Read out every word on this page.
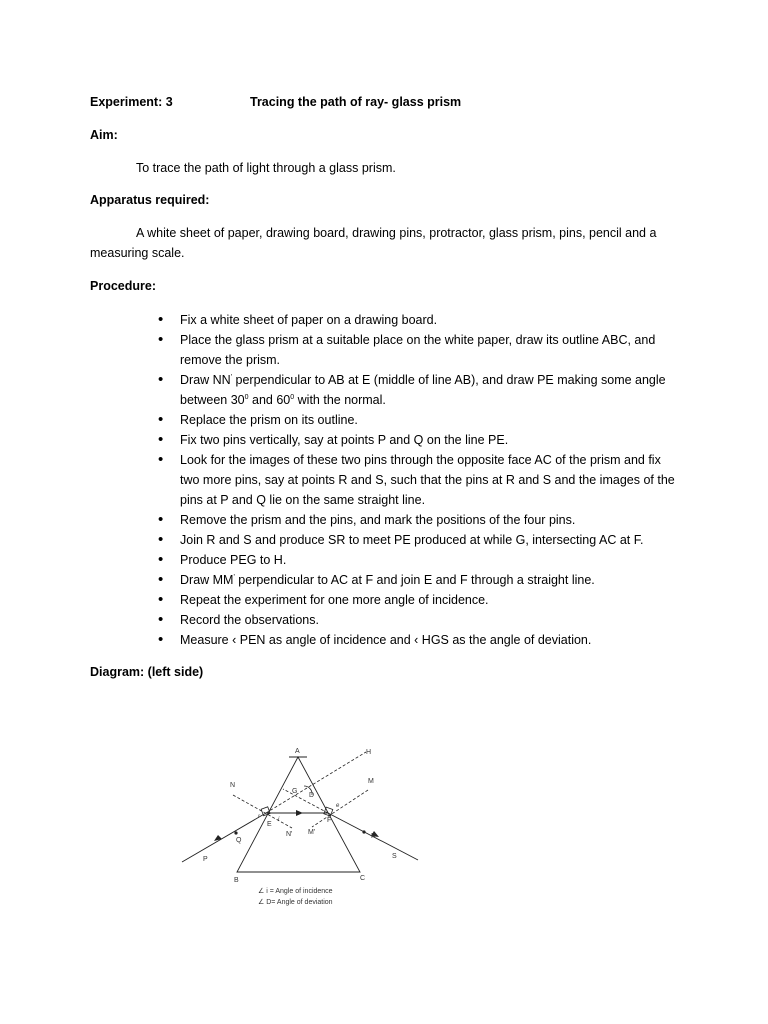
Experiment: 3	Tracing the path of ray- glass prism
Aim:
To trace the path of light through a glass prism.
Apparatus required:
A white sheet of paper, drawing board, drawing pins, protractor, glass prism, pins, pencil and a
measuring scale.
Procedure:
• Fix a white sheet of paper on a drawing board.
• Place the glass prism at a suitable place on the white paper, draw its outline ABC, and
remove the prism.
• Draw NN' perpendicular to AB at E (middle of line AB), and draw PE making some angle
between $30^0$ and $60^0$ with the normal.
• Replace the prism on its outline.
• Fix two pins vertically, say at points P and Q on the line PE.
• Look for the images of these two pins through the opposite face AC of the prism and fix
two more pins, say at points R and S, such that the pins at R and S and the images of the
pins at P and Q lie on the same straight line.
• Remove the prism and the pins, and mark the positions of the four pins.
• Join R and S and produce SR to meet PE produced at while G, intersecting AC at F.
• Produce PEG to H.
• Draw MM' perpendicular to AC at F and join E and F through a straight line.
• Repeat the experiment for one more angle of incidence.
• Record the observations.
• Measure ‹ PEN as angle of incidence and ‹ HGS as the angle of deviation.
Diagram: (left side)
A
B	C
E
F
G
H
M
N
N' M'
P
Q
R
S
D
i
r
e
∠ i = Angle of incidence
∠ D= Angle of deviation
